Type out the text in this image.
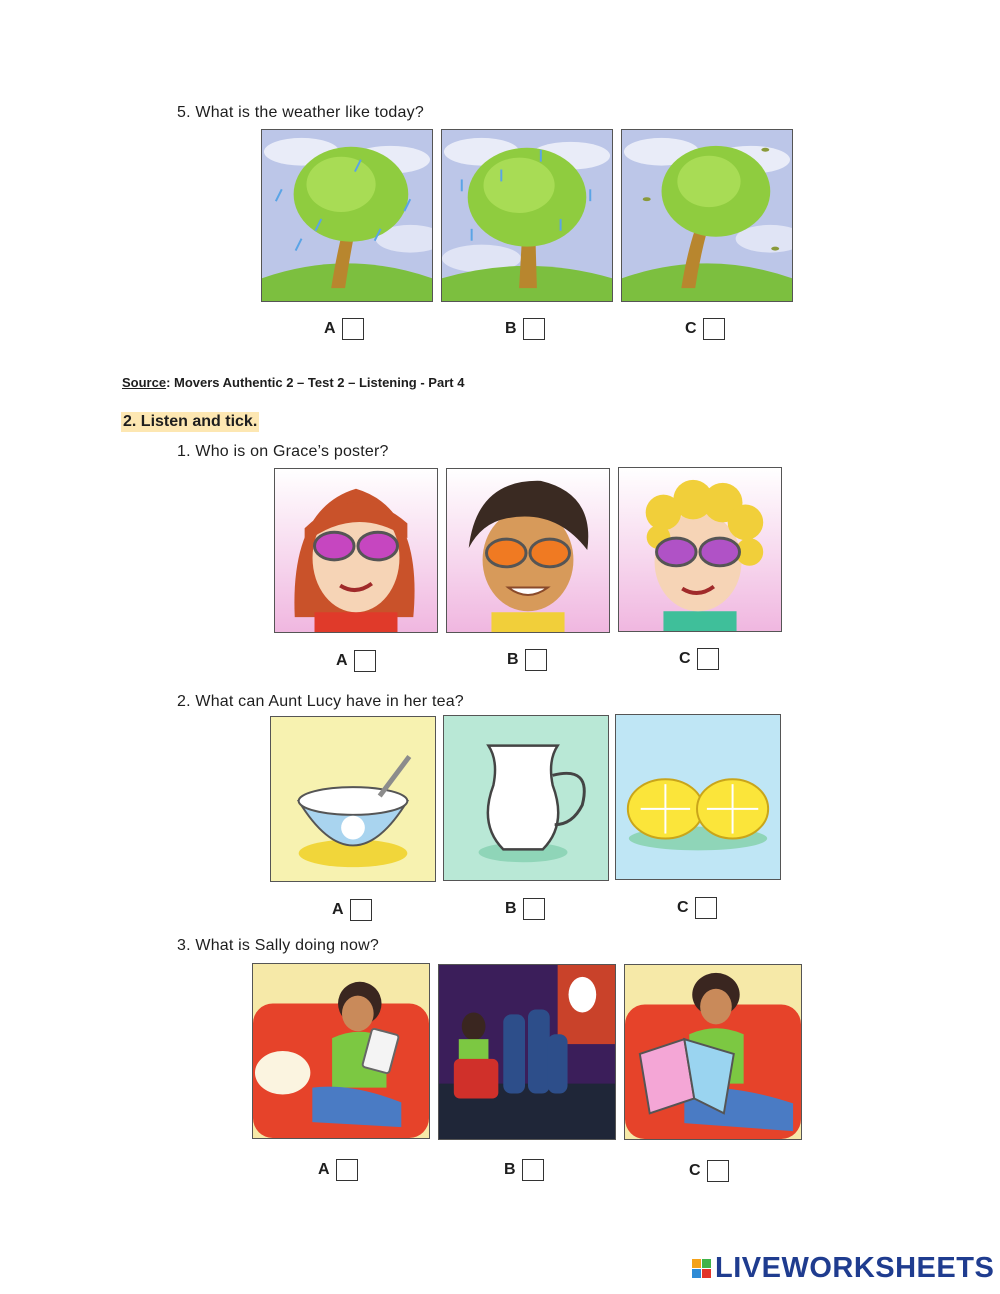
5. What is the weather like today?
A	B	C
Source: Movers Authentic 2 – Test 2 – Listening - Part 4
2. Listen and tick.
1. Who is on Grace’s poster?
A	B	C
2. What can Aunt Lucy have in her tea?
A	B	C
3. What is Sally doing now?
A	B	C
LIVEWORKSHEETS
